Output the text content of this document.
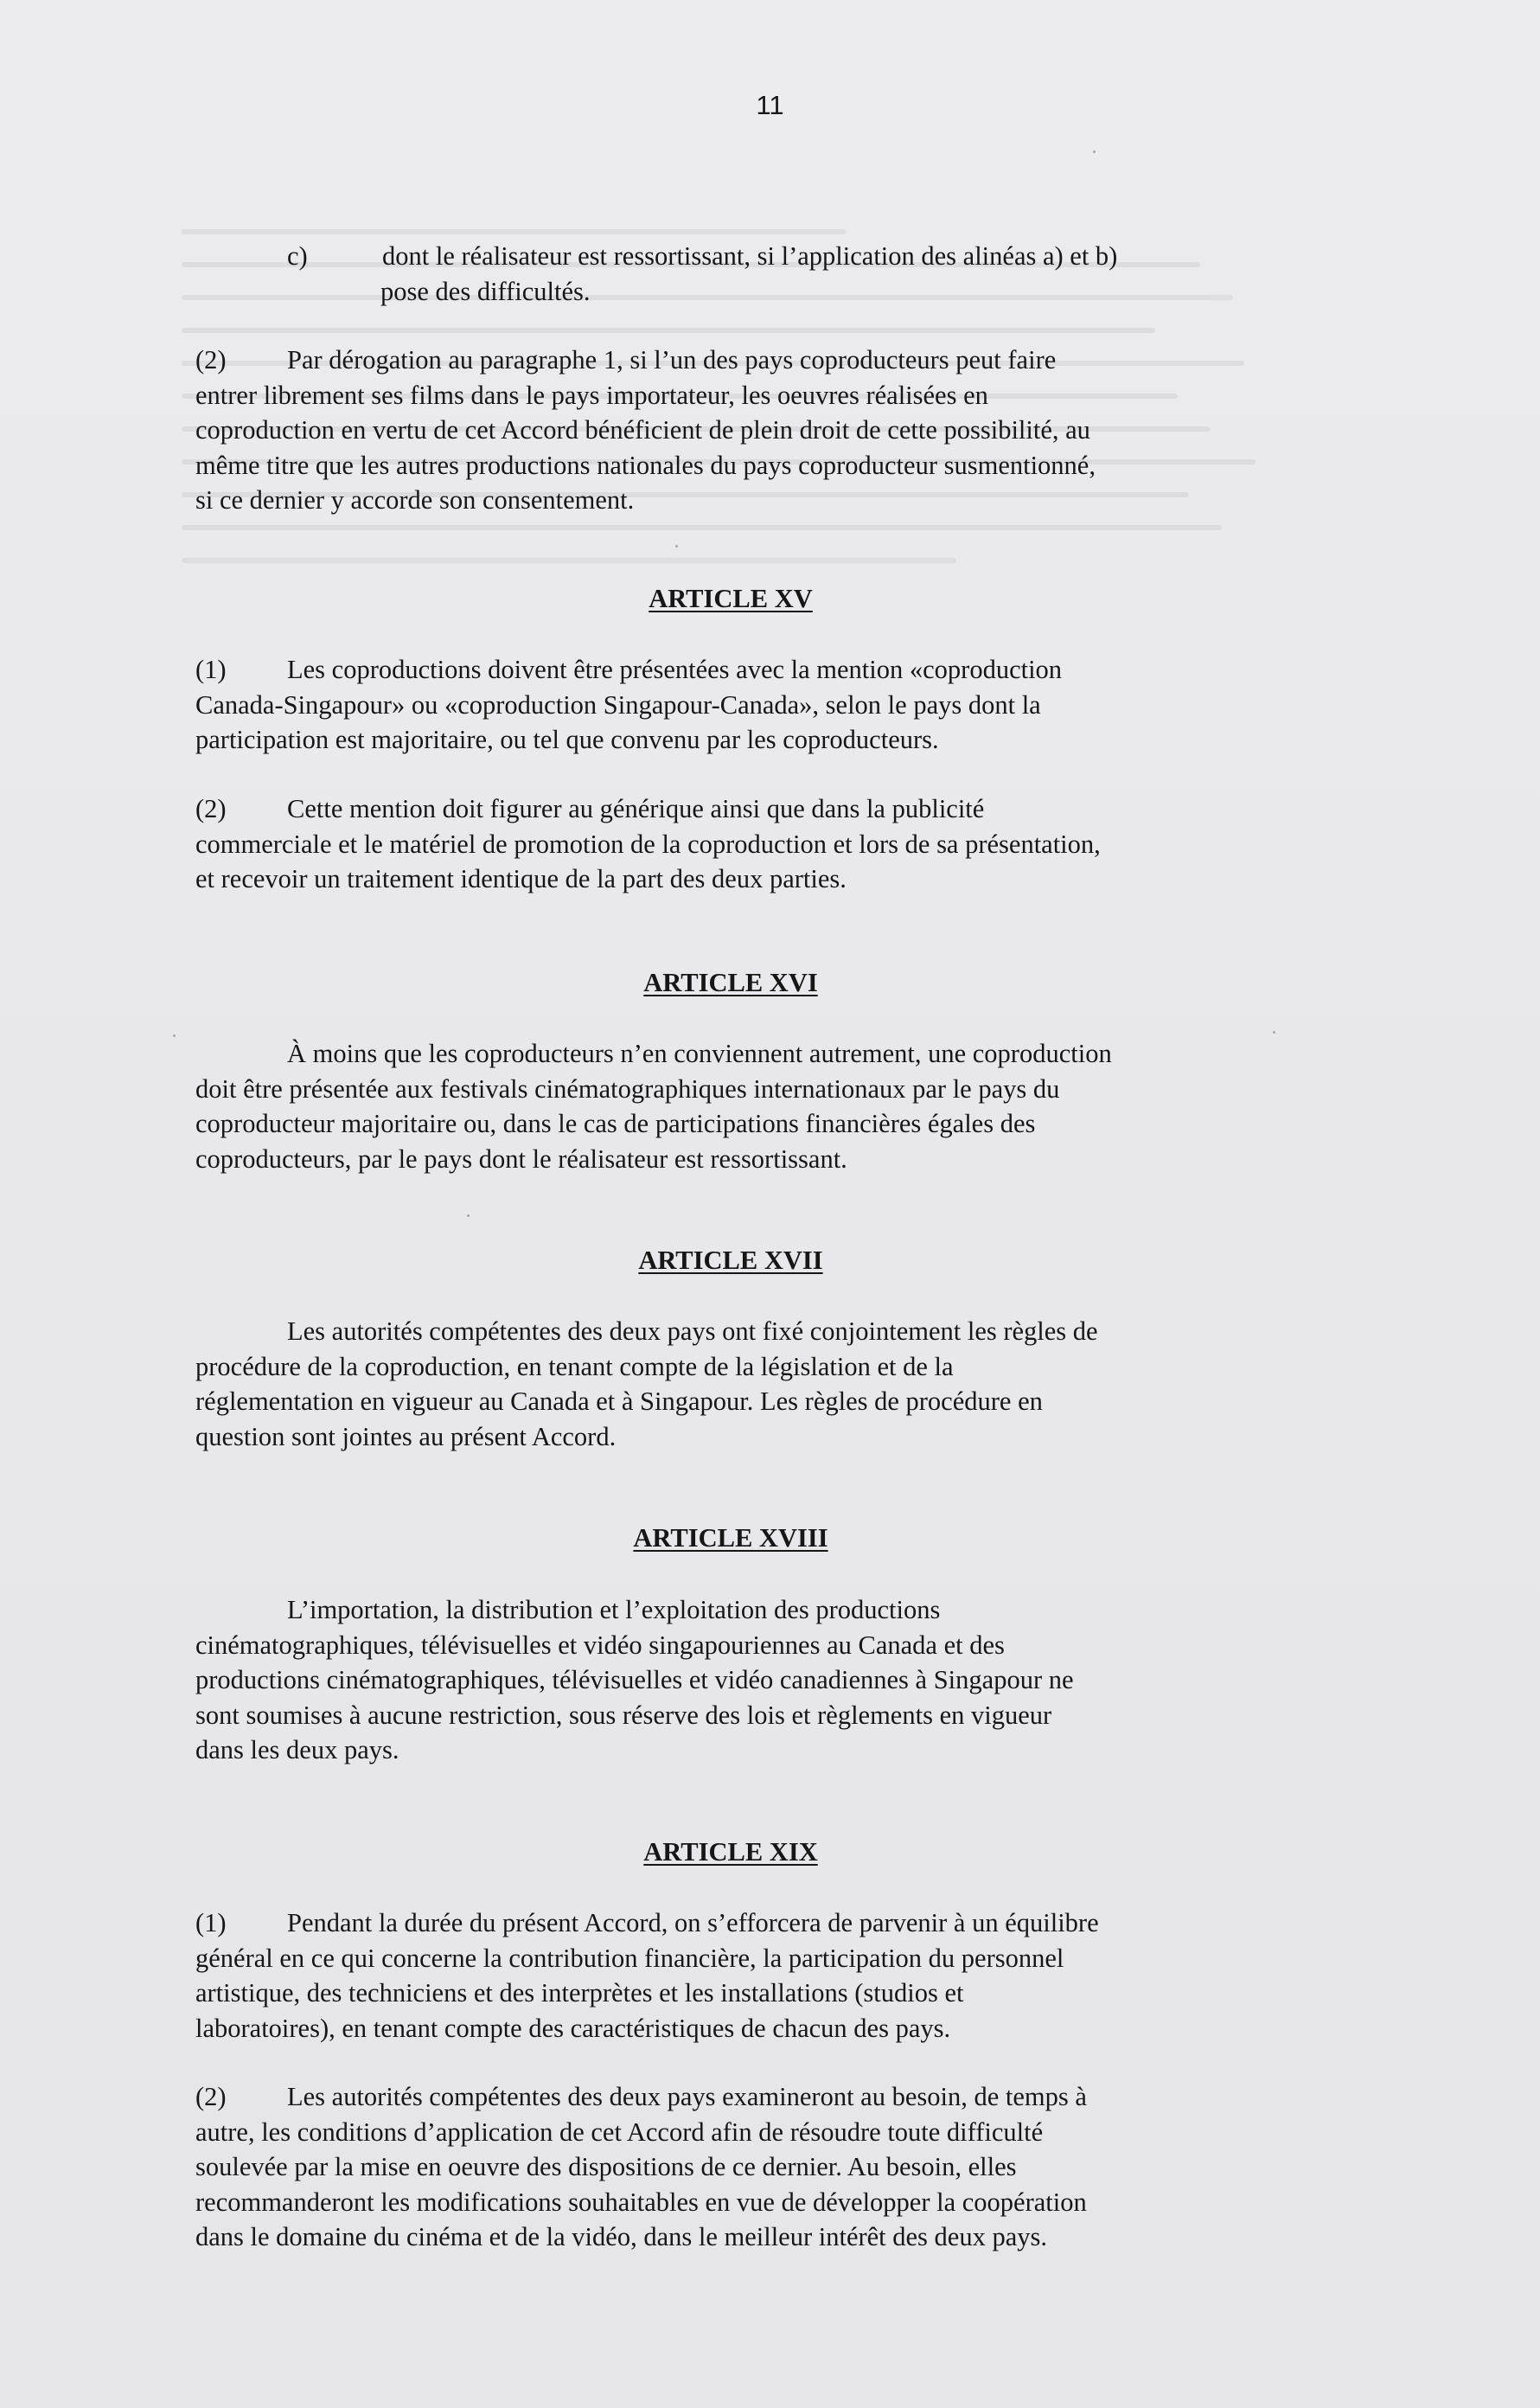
11
c)	dont le réalisateur est ressortissant, si l’application des alinéas a) et b)
pose des difficultés.
(2) Par dérogation au paragraphe 1, si l’un des pays coproducteurs peut faire
entrer librement ses films dans le pays importateur, les oeuvres réalisées en
coproduction en vertu de cet Accord bénéficient de plein droit de cette possibilité, au
même titre que les autres productions nationales du pays coproducteur susmentionné,
si ce dernier y accorde son consentement.
ARTICLE XV
(1) Les coproductions doivent être présentées avec la mention «coproduction
Canada-Singapour» ou «coproduction Singapour-Canada», selon le pays dont la
participation est majoritaire, ou tel que convenu par les coproducteurs.
(2) Cette mention doit figurer au générique ainsi que dans la publicité
commerciale et le matériel de promotion de la coproduction et lors de sa présentation,
et recevoir un traitement identique de la part des deux parties.
ARTICLE XVI
À moins que les coproducteurs n’en conviennent autrement, une coproduction
doit être présentée aux festivals cinématographiques internationaux par le pays du
coproducteur majoritaire ou, dans le cas de participations financières égales des
coproducteurs, par le pays dont le réalisateur est ressortissant.
ARTICLE XVII
Les autorités compétentes des deux pays ont fixé conjointement les règles de
procédure de la coproduction, en tenant compte de la législation et de la
réglementation en vigueur au Canada et à Singapour. Les règles de procédure en
question sont jointes au présent Accord.
ARTICLE XVIII
L’importation, la distribution et l’exploitation des productions
cinématographiques, télévisuelles et vidéo singapouriennes au Canada et des
productions cinématographiques, télévisuelles et vidéo canadiennes à Singapour ne
sont soumises à aucune restriction, sous réserve des lois et règlements en vigueur
dans les deux pays.
ARTICLE XIX
(1) Pendant la durée du présent Accord, on s’efforcera de parvenir à un équilibre
général en ce qui concerne la contribution financière, la participation du personnel
artistique, des techniciens et des interprètes et les installations (studios et
laboratoires), en tenant compte des caractéristiques de chacun des pays.
(2) Les autorités compétentes des deux pays examineront au besoin, de temps à
autre, les conditions d’application de cet Accord afin de résoudre toute difficulté
soulevée par la mise en oeuvre des dispositions de ce dernier. Au besoin, elles
recommanderont les modifications souhaitables en vue de développer la coopération
dans le domaine du cinéma et de la vidéo, dans le meilleur intérêt des deux pays.
